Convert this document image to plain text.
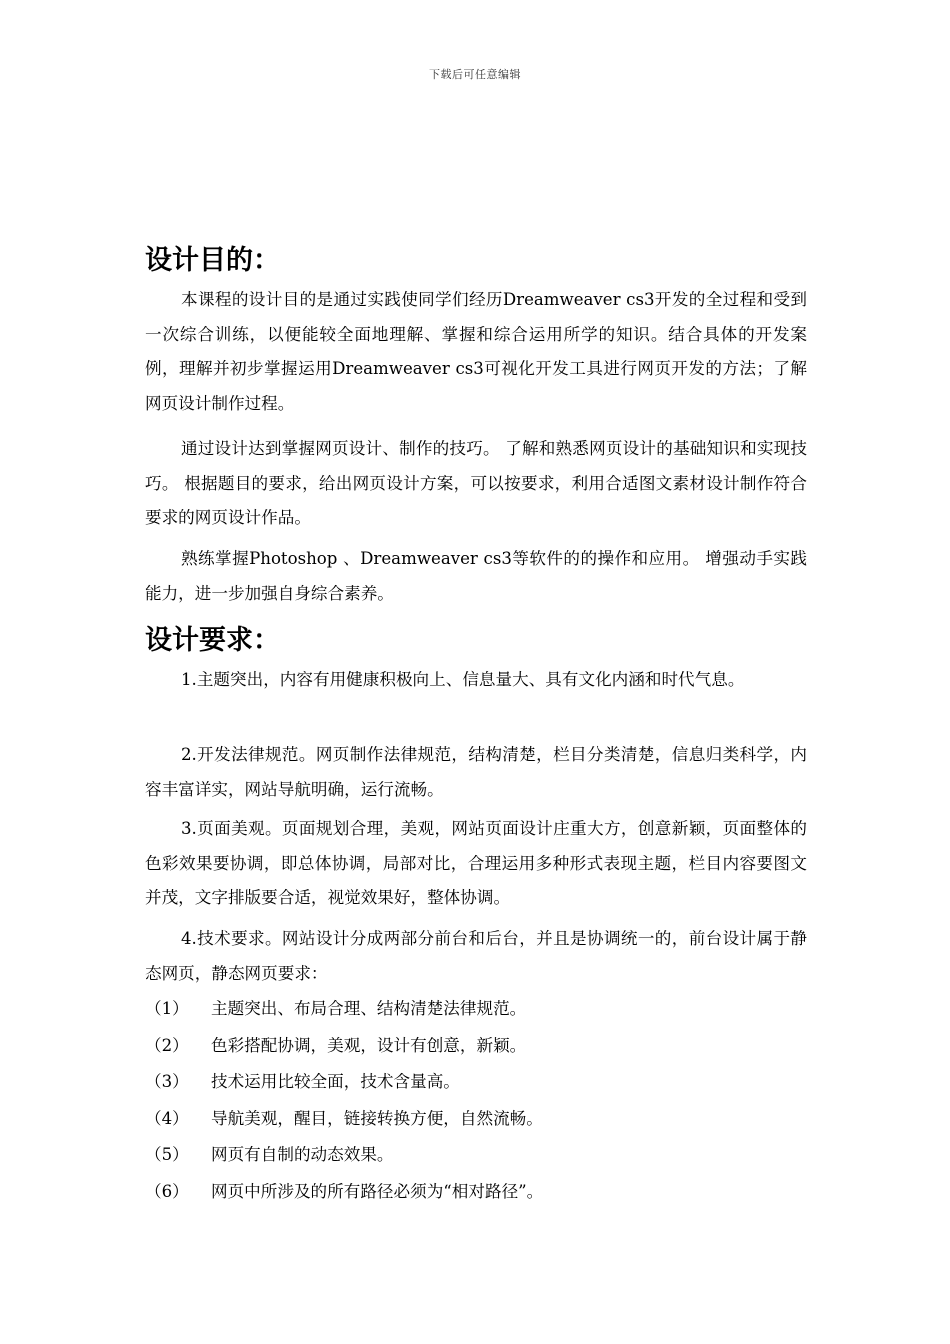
下载后可任意编辑
设计目的：

本课程的设计目的是通过实践使同学们经历Dreamweaver cs3开发的全过程和受到一次综合训练，以便能较全面地理解、掌握和综合运用所学的知识。结合具体的开发案例，理解并初步掌握运用Dreamweaver cs3可视化开发工具进行网页开发的方法；了解网页设计制作过程。

通过设计达到掌握网页设计、制作的技巧。 了解和熟悉网页设计的基础知识和实现技巧。 根据题目的要求，给出网页设计方案，可以按要求，利用合适图文素材设计制作符合要求的网页设计作品。

熟练掌握Photoshop 、Dreamweaver cs3等软件的的操作和应用。 增强动手实践能力，进一步加强自身综合素养。

设计要求：

1.主题突出，内容有用健康积极向上、信息量大、具有文化内涵和时代气息。

2.开发法律规范。网页制作法律规范，结构清楚，栏目分类清楚，信息归类科学，内容丰富详实，网站导航明确，运行流畅。

3.页面美观。页面规划合理，美观，网站页面设计庄重大方，创意新颖，页面整体的色彩效果要协调，即总体协调，局部对比，合理运用多种形式表现主题，栏目内容要图文并茂，文字排版要合适，视觉效果好，整体协调。

4.技术要求。网站设计分成两部分前台和后台，并且是协调统一的，前台设计属于静态网页，静态网页要求：

（1）	主题突出、布局合理、结构清楚法律规范。
（2）	色彩搭配协调，美观，设计有创意，新颖。
（3）	技术运用比较全面，技术含量高。
（4）	导航美观，醒目，链接转换方便，自然流畅。
（5）	网页有自制的动态效果。
（6）	网页中所涉及的所有路径必须为“相对路径”。
